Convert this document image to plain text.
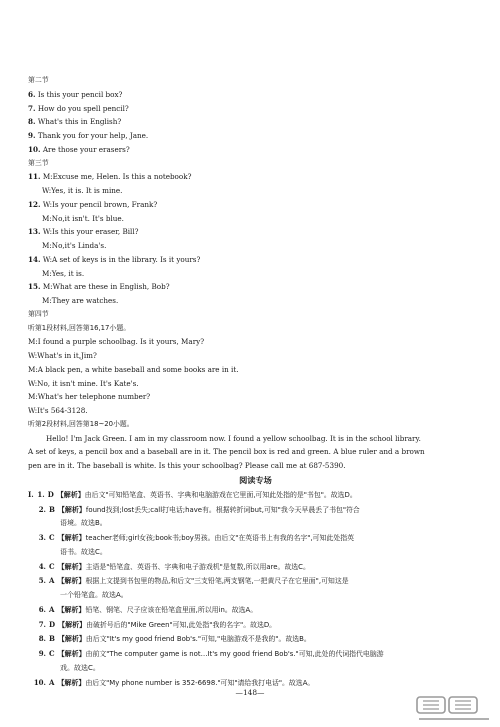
第二节
6. Is this your pencil box?
7. How do you spell pencil?
8. What's this in English?
9. Thank you for your help, Jane.
10. Are those your erasers?
第三节
11. M:Excuse me, Helen. Is this a notebook?
W:Yes, it is. It is mine.
12. W:Is your pencil brown, Frank?
M:No,it isn't. It's blue.
13. W:Is this your eraser, Bill?
M:No,it's Linda's.
14. W:A set of keys is in the library. Is it yours?
M:Yes, it is.
15. M:What are these in English, Bob?
M:They are watches.
第四节
听第1段材料,回答第16,17小题。
M:I found a purple schoolbag. Is it yours, Mary?
W:What's in it,Jim?
M:A black pen, a white baseball and some books are in it.
W:No, it isn't mine. It's Kate's.
M:What's her telephone number?
W:It's 564-3128.
听第2段材料,回答第18~20小题。
Hello! I'm Jack Green. I am in my classroom now. I found a yellow schoolbag. It is in the school library.
A set of keys, a pencil box and a baseball are in it. The pencil box is red and green. A blue ruler and a brown
pen are in it. The baseball is white. Is this your schoolbag? Please call me at 687-5390.
阅读专场
Ⅰ. 1. D 【解析】由后文"可知铅笔盒、英语书、字典和电脑游戏在它里面,可知此处指的是"书包"。故选D。
2. B 【解析】found找到;lost丢失;call打电话;have有。根据转折词but,可知"我今天早晨丢了书包"符合
语境。故选B。
3. C 【解析】teacher老师;girl女孩;book书;boy男孩。由后文"在英语书上有我的名字",可知此处指英
语书。故选C。
4. C 【解析】主语是"铅笔盒、英语书、字典和电子游戏机"是复数,所以用are。故选C。
5. A 【解析】根据上文提到书包里的物品,和后文"三支铅笔,两支钢笔,一把黄尺子在它里面",可知这是
一个铅笔盒。故选A。
6. A 【解析】铅笔、钢笔、尺子应该在铅笔盒里面,所以用in。故选A。
7. D 【解析】由破折号后的"Mike Green"可知,此处指"我的名字"。故选D。
8. B 【解析】由后文"It's my good friend Bob's."可知,"电脑游戏不是我的"。故选B。
9. C 【解析】由前文"The computer game is not…It's my good friend Bob's."可知,此处的代词指代电脑游
戏。故选C。
10. A 【解析】由后文"My phone number is 352-6698."可知"请给我打电话"。故选A。
—148—
